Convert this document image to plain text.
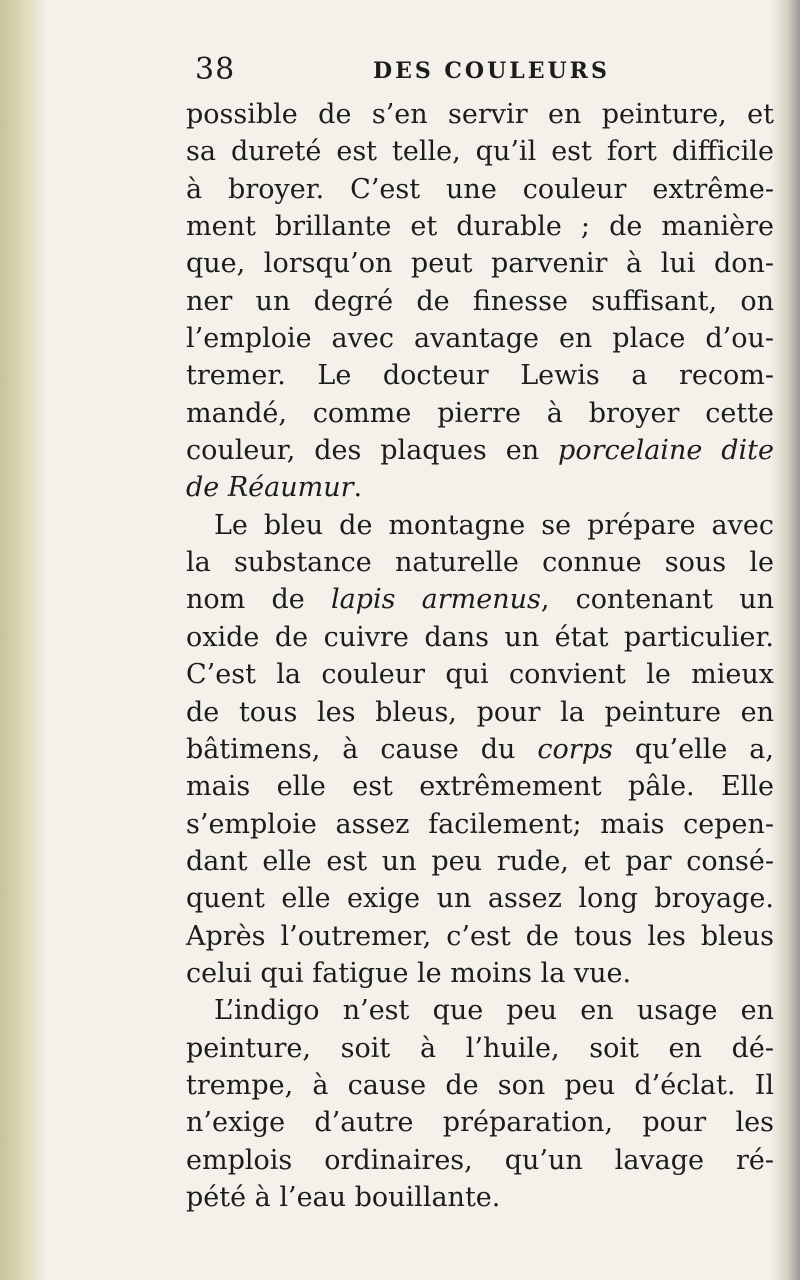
38	DES COULEURS
possible de s’en servir en peinture, et
sa dureté est telle, qu’il est fort difficile
à broyer. C’est une couleur extrême-
ment brillante et durable ; de manière
que, lorsqu’on peut parvenir à lui don-
ner un degré de finesse suffisant, on
l’emploie avec avantage en place d’ou-
tremer. Le docteur Lewis a recom-
mandé, comme pierre à broyer cette
couleur, des plaques en porcelaine dite
de Réaumur.
Le bleu de montagne se prépare avec
la substance naturelle connue sous le
nom de lapis armenus, contenant un
oxide de cuivre dans un état particulier.
C’est la couleur qui convient le mieux
de tous les bleus, pour la peinture en
bâtimens, à cause du corps qu’elle a,
mais elle est extrêmement pâle. Elle
s’emploie assez facilement; mais cepen-
dant elle est un peu rude, et par consé-
quent elle exige un assez long broyage.
Après l’outremer, c’est de tous les bleus
celui qui fatigue le moins la vue.
L’indigo n’est que peu en usage en
peinture, soit à l’huile, soit en dé-
trempe, à cause de son peu d’éclat. Il
n’exige d’autre préparation, pour les
emplois ordinaires, qu’un lavage ré-
pété à l’eau bouillante.
